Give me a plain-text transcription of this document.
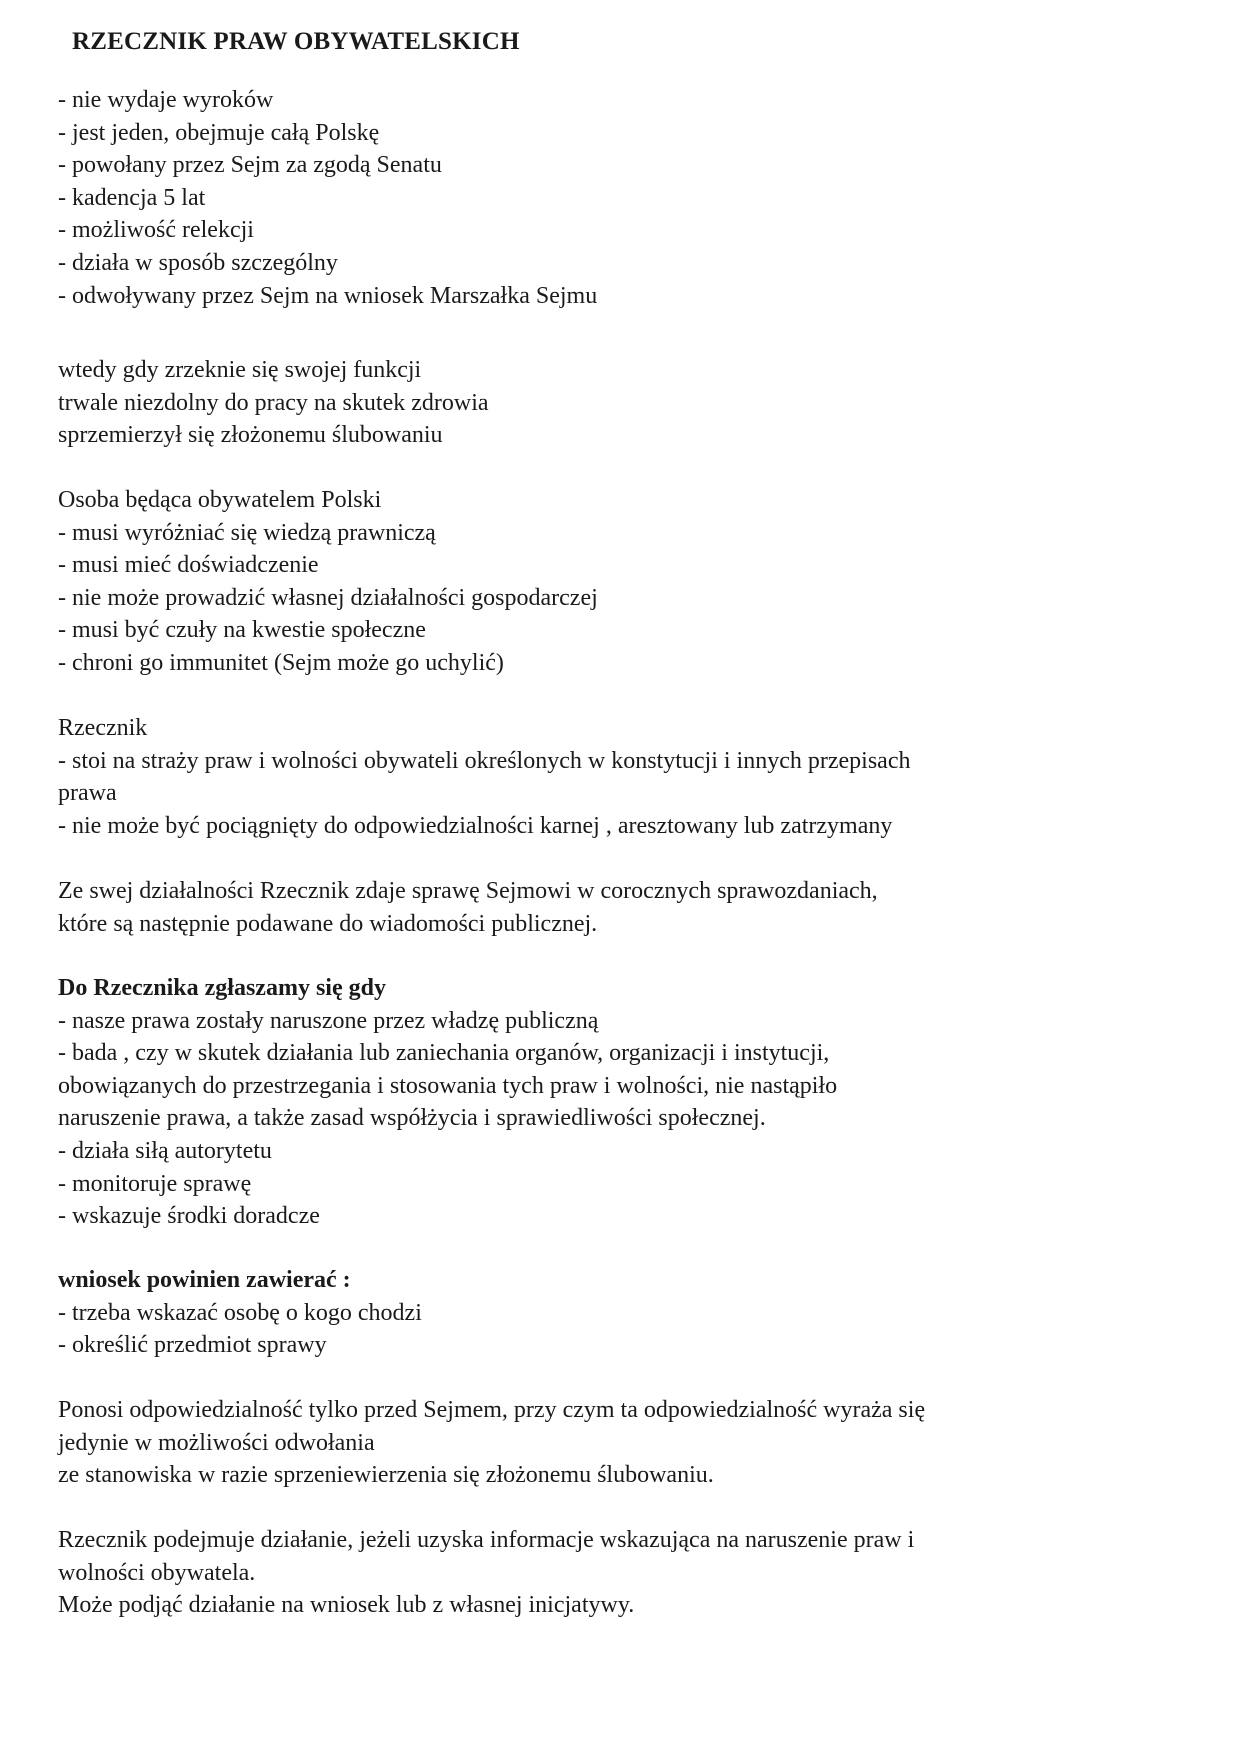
RZECZNIK PRAW OBYWATELSKICH
- nie wydaje wyroków
- jest jeden, obejmuje całą Polskę
- powołany przez Sejm za zgodą Senatu
- kadencja 5 lat
- możliwość relekcji
- działa w sposób szczególny
- odwoływany przez Sejm na wniosek Marszałka Sejmu
wtedy gdy zrzeknie się swojej funkcji
trwale niezdolny do pracy na skutek zdrowia
sprzemierzył się złożonemu ślubowaniu
Osoba będąca obywatelem Polski
- musi wyróżniać się wiedzą prawniczą
- musi mieć doświadczenie
- nie może prowadzić własnej działalności gospodarczej
- musi być czuły na kwestie społeczne
- chroni go immunitet (Sejm może go uchylić)
Rzecznik
- stoi na straży praw i wolności obywateli określonych w konstytucji i innych przepisach
prawa
- nie może być pociągnięty do odpowiedzialności karnej , aresztowany lub zatrzymany
Ze swej działalności Rzecznik zdaje sprawę Sejmowi w corocznych sprawozdaniach,
które są następnie podawane do wiadomości publicznej.
Do Rzecznika zgłaszamy się gdy
- nasze prawa zostały naruszone przez władzę publiczną
- bada , czy w skutek działania lub zaniechania organów, organizacji i instytucji,
obowiązanych do przestrzegania i stosowania tych praw i wolności, nie nastąpiło
naruszenie prawa, a także zasad współżycia i sprawiedliwości społecznej.
- działa siłą autorytetu
- monitoruje sprawę
- wskazuje środki doradcze
wniosek powinien zawierać :
- trzeba wskazać osobę o kogo chodzi
- określić przedmiot sprawy
Ponosi odpowiedzialność tylko przed Sejmem, przy czym ta odpowiedzialność wyraża się
jedynie w możliwości odwołania
ze stanowiska w razie sprzeniewierzenia się złożonemu ślubowaniu.
Rzecznik podejmuje działanie, jeżeli uzyska informacje wskazująca na naruszenie praw i
wolności obywatela.
Może podjąć działanie na wniosek lub z własnej inicjatywy.
